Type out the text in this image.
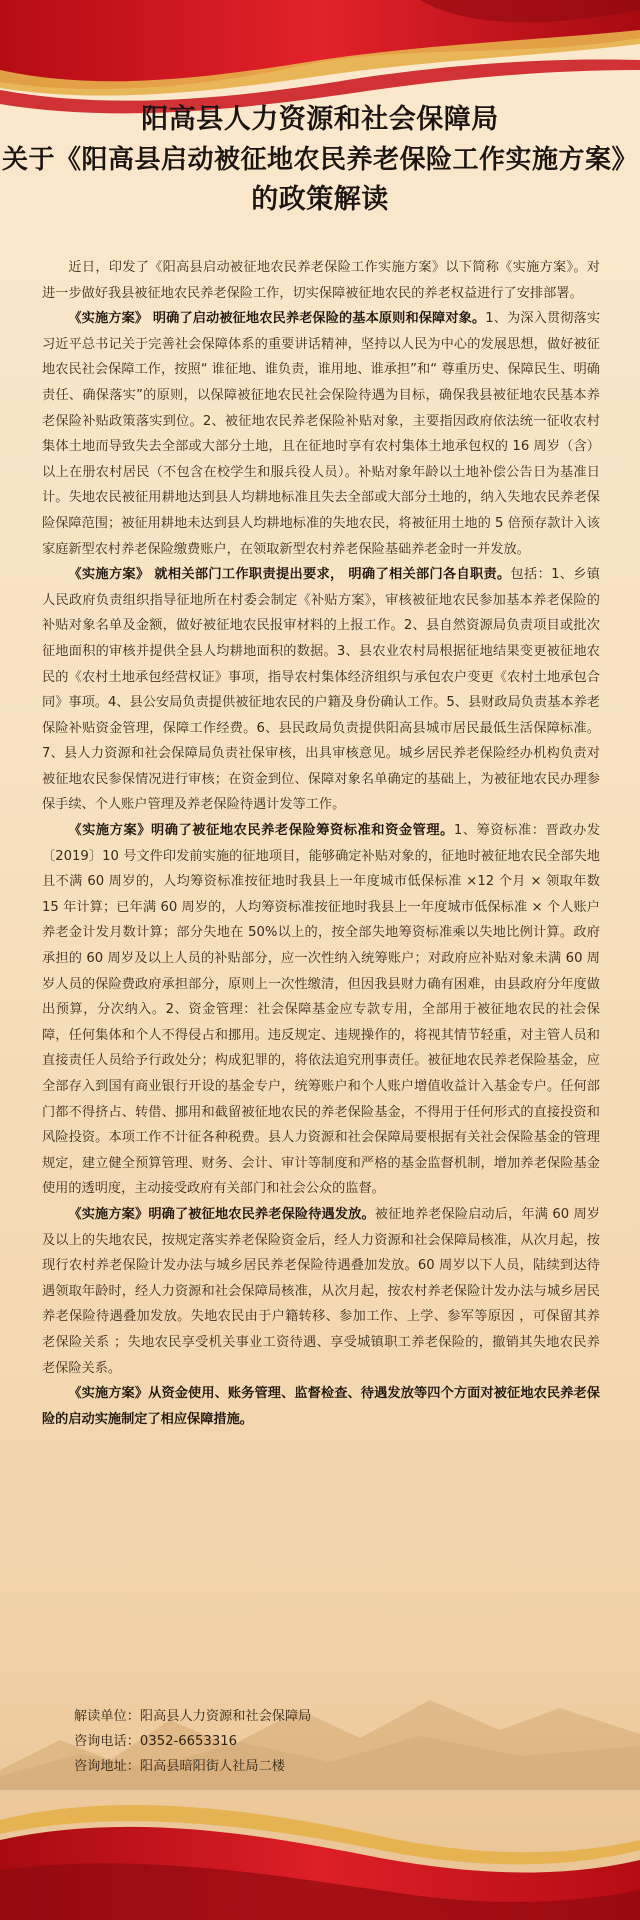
阳高县人力资源和社会保障局
关于《阳高县启动被征地农民养老保险工作实施方案》
的政策解读

近日，印发了《阳高县启动被征地农民养老保险工作实施方案》以下简称《实施方案》。对进一步做好我县被征地农民养老保险工作，切实保障被征地农民的养老权益进行了安排部署。

《实施方案》 明确了启动被征地农民养老保险的基本原则和保障对象。1、为深入贯彻落实习近平总书记关于完善社会保障体系的重要讲话精神，坚持以人民为中心的发展思想，做好被征地农民社会保障工作，按照“ 谁征地、谁负责，谁用地、谁承担”和“ 尊重历史、保障民生、明确责任、确保落实”的原则，以保障被征地农民社会保险待遇为目标，确保我县被征地农民基本养老保险补贴政策落实到位。2、被征地农民养老保险补贴对象，主要指因政府依法统一征收农村集体土地而导致失去全部或大部分土地，且在征地时享有农村集体土地承包权的 16 周岁（含）以上在册农村居民（不包含在校学生和服兵役人员）。补贴对象年龄以土地补偿公告日为基准日计。失地农民被征用耕地达到县人均耕地标准且失去全部或大部分土地的，纳入失地农民养老保险保障范围；被征用耕地未达到县人均耕地标准的失地农民，将被征用土地的 5 倍预存款计入该家庭新型农村养老保险缴费账户，在领取新型农村养老保险基础养老金时一并发放。

《实施方案》 就相关部门工作职责提出要求， 明确了相关部门各自职责。包括：1、乡镇人民政府负责组织指导征地所在村委会制定《补贴方案》，审核被征地农民参加基本养老保险的补贴对象名单及金额，做好被征地农民报审材料的上报工作。2、县自然资源局负责项目或批次征地面积的审核并提供全县人均耕地面积的数据。3、县农业农村局根据征地结果变更被征地农民的《农村土地承包经营权证》事项，指导农村集体经济组织与承包农户变更《农村土地承包合同》事项。4、县公安局负责提供被征地农民的户籍及身份确认工作。5、县财政局负责基本养老保险补贴资金管理，保障工作经费。6、县民政局负责提供阳高县城市居民最低生活保障标准。7、县人力资源和社会保障局负责社保审核，出具审核意见。城乡居民养老保险经办机构负责对被征地农民参保情况进行审核；在资金到位、保障对象名单确定的基础上，为被征地农民办理参保手续、个人账户管理及养老保险待遇计发等工作。

《实施方案》明确了被征地农民养老保险筹资标准和资金管理。1、筹资标准：晋政办发〔2019〕10 号文件印发前实施的征地项目，能够确定补贴对象的，征地时被征地农民全部失地且不满 60 周岁的，人均筹资标准按征地时我县上一年度城市低保标准 ×12 个月 × 领取年数 15 年计算；已年满 60 周岁的，人均筹资标准按征地时我县上一年度城市低保标准 × 个人账户养老金计发月数计算；部分失地在 50%以上的，按全部失地筹资标准乘以失地比例计算。政府承担的 60 周岁及以上人员的补贴部分，应一次性纳入统筹账户；对政府应补贴对象未满 60 周岁人员的保险费政府承担部分，原则上一次性缴清，但因我县财力确有困难，由县政府分年度做出预算，分次纳入。2、资金管理：社会保障基金应专款专用，全部用于被征地农民的社会保障，任何集体和个人不得侵占和挪用。违反规定、违规操作的，将视其情节轻重，对主管人员和直接责任人员给予行政处分；构成犯罪的，将依法追究刑事责任。被征地农民养老保险基金，应全部存入到国有商业银行开设的基金专户，统筹账户和个人账户增值收益计入基金专户。任何部门都不得挤占、转借、挪用和截留被征地农民的养老保险基金，不得用于任何形式的直接投资和风险投资。本项工作不计征各种税费。县人力资源和社会保障局要根据有关社会保险基金的管理规定，建立健全预算管理、财务、会计、审计等制度和严格的基金监督机制，增加养老保险基金使用的透明度，主动接受政府有关部门和社会公众的监督。

《实施方案》明确了被征地农民养老保险待遇发放。被征地养老保险启动后，年满 60 周岁及以上的失地农民，按规定落实养老保险资金后，经人力资源和社会保障局核准，从次月起，按现行农村养老保险计发办法与城乡居民养老保险待遇叠加发放。60 周岁以下人员，陆续到达待遇领取年龄时，经人力资源和社会保障局核准，从次月起，按农村养老保险计发办法与城乡居民养老保险待遇叠加发放。失地农民由于户籍转移、参加工作、上学、参军等原因 ，可保留其养老保险关系 ；失地农民享受机关事业工资待遇、享受城镇职工养老保险的，撤销其失地农民养老保险关系。

《实施方案》从资金使用、账务管理、监督检查、待遇发放等四个方面对被征地农民养老保险的启动实施制定了相应保障措施。

解读单位：阳高县人力资源和社会保障局
咨询电话：0352-6653316
咨询地址：阳高县暗阳街人社局二楼
